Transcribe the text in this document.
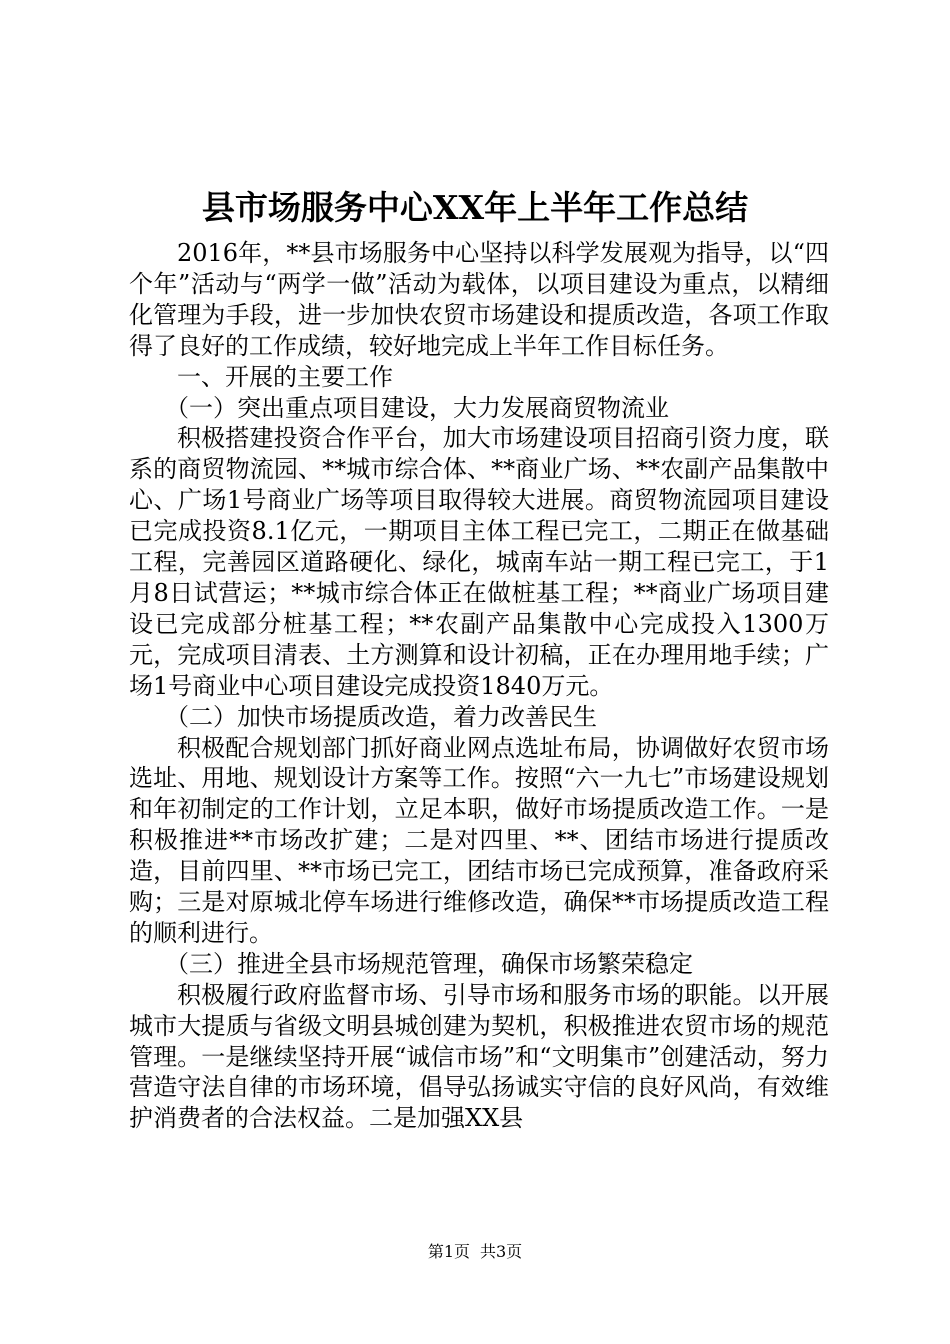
县市场服务中心XX年上半年工作总结

2016年，**县市场服务中心坚持以科学发展观为指导，以“四个年”活动与“两学一做”活动为载体，以项目建设为重点，以精细化管理为手段，进一步加快农贸市场建设和提质改造，各项工作取得了良好的工作成绩，较好地完成上半年工作目标任务。

一、开展的主要工作

（一）突出重点项目建设，大力发展商贸物流业

积极搭建投资合作平台，加大市场建设项目招商引资力度，联系的商贸物流园、**城市综合体、**商业广场、**农副产品集散中心、广场1号商业广场等项目取得较大进展。商贸物流园项目建设已完成投资8.1亿元，一期项目主体工程已完工，二期正在做基础工程，完善园区道路硬化、绿化，城南车站一期工程已完工，于1月8日试营运；**城市综合体正在做桩基工程；**商业广场项目建设已完成部分桩基工程；**农副产品集散中心完成投入1300万元，完成项目清表、土方测算和设计初稿，正在办理用地手续；广场1号商业中心项目建设完成投资1840万元。

（二）加快市场提质改造，着力改善民生

积极配合规划部门抓好商业网点选址布局，协调做好农贸市场选址、用地、规划设计方案等工作。按照“六一九七”市场建设规划和年初制定的工作计划，立足本职，做好市场提质改造工作。一是积极推进**市场改扩建；二是对四里、**、团结市场进行提质改造，目前四里、**市场已完工，团结市场已完成预算，准备政府采购；三是对原城北停车场进行维修改造，确保**市场提质改造工程的顺利进行。

（三）推进全县市场规范管理，确保市场繁荣稳定

积极履行政府监督市场、引导市场和服务市场的职能。以开展城市大提质与省级文明县城创建为契机，积极推进农贸市场的规范管理。一是继续坚持开展“诚信市场”和“文明集市”创建活动，努力营造守法自律的市场环境，倡导弘扬诚实守信的良好风尚，有效维护消费者的合法权益。二是加强XX县

第1页 共3页
